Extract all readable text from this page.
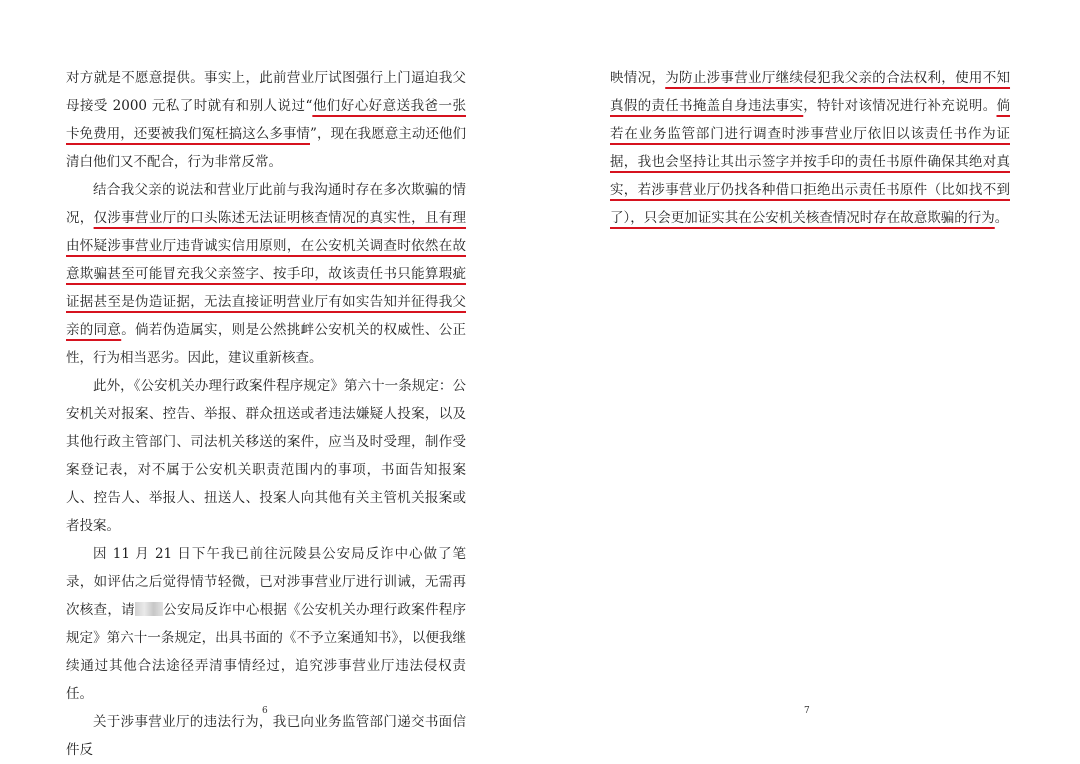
对方就是不愿意提供。事实上，此前营业厅试图强行上门逼迫我父母接受 2000 元私了时就有和别人说过“他们好心好意送我爸一张卡免费用，还要被我们冤枉搞这么多事情”，现在我愿意主动还他们清白他们又不配合，行为非常反常。

结合我父亲的说法和营业厅此前与我沟通时存在多次欺骗的情况，仅涉事营业厅的口头陈述无法证明核查情况的真实性，且有理由怀疑涉事营业厅违背诚实信用原则，在公安机关调查时依然在故意欺骗甚至可能冒充我父亲签字、按手印，故该责任书只能算瑕疵证据甚至是伪造证据，无法直接证明营业厅有如实告知并征得我父亲的同意。倘若伪造属实，则是公然挑衅公安机关的权威性、公正性，行为相当恶劣。因此，建议重新核查。

此外，《公安机关办理行政案件程序规定》第六十一条规定：公安机关对报案、控告、举报、群众扭送或者违法嫌疑人投案，以及其他行政主管部门、司法机关移送的案件，应当及时受理，制作受案登记表，对不属于公安机关职责范围内的事项，书面告知报案人、控告人、举报人、扭送人、投案人向其他有关主管机关报案或者投案。

因 11 月 21 日下午我已前往沅陵县公安局反诈中心做了笔录，如评估之后觉得情节轻微，已对涉事营业厅进行训诫，无需再次核查，请 公安局反诈中心根据《公安机关办理行政案件程序规定》第六十一条规定，出具书面的《不予立案通知书》，以便我继续通过其他合法途径弄清事情经过，追究涉事营业厅违法侵权责任。

关于涉事营业厅的违法行为，我已向业务监管部门递交书面信件反

6

映情况，为防止涉事营业厅继续侵犯我父亲的合法权利，使用不知真假的责任书掩盖自身违法事实，特针对该情况进行补充说明。倘若在业务监管部门进行调查时涉事营业厅依旧以该责任书作为证据，我也会坚持让其出示签字并按手印的责任书原件确保其绝对真实，若涉事营业厅仍找各种借口拒绝出示责任书原件（比如找不到了），只会更加证实其在公安机关核查情况时存在故意欺骗的行为。

7
